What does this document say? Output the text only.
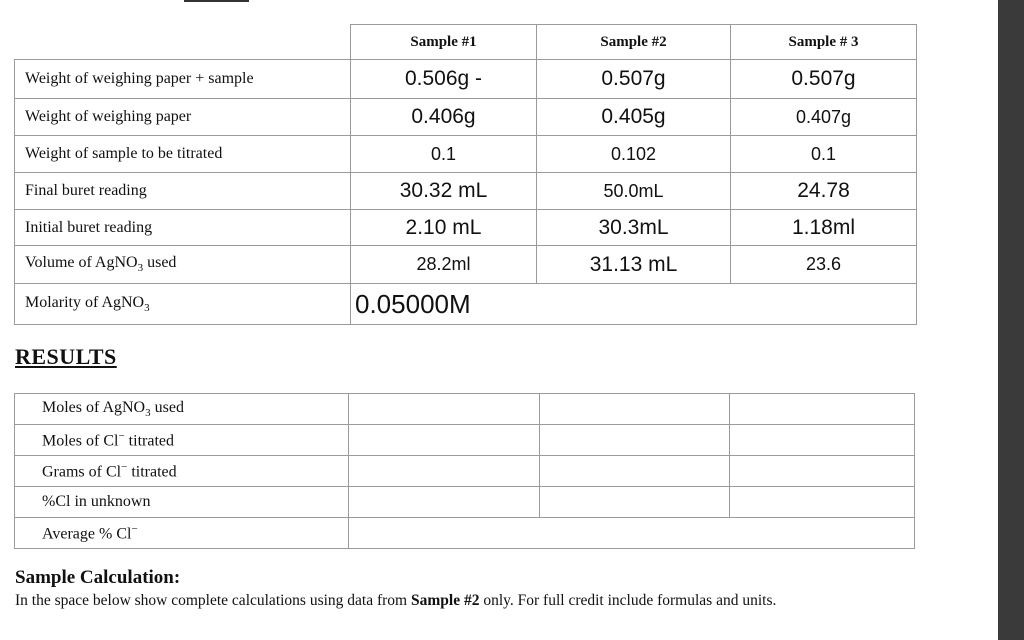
	Sample #1	Sample #2	Sample # 3
Weight of weighing paper + sample	0.506g -	0.507g	0.507g
Weight of weighing paper	0.406g	0.405g	0.407g
Weight of sample to be titrated	0.1	0.102	0.1
Final buret reading	30.32 mL	50.0mL	24.78
Initial buret reading	2.10 mL	30.3mL	1.18ml
Volume of AgNO$_3$ used	28.2ml	31.13 mL	23.6
Molarity of AgNO$_3$	0.05000M		
RESULTS
Moles of AgNO$_3$ used			
Moles of Cl− titrated			
Grams of Cl− titrated			
%Cl in unknown			
Average % Cl−	
Sample Calculation:
In the space below show complete calculations using data from Sample #2 only. For full credit include formulas and units.
